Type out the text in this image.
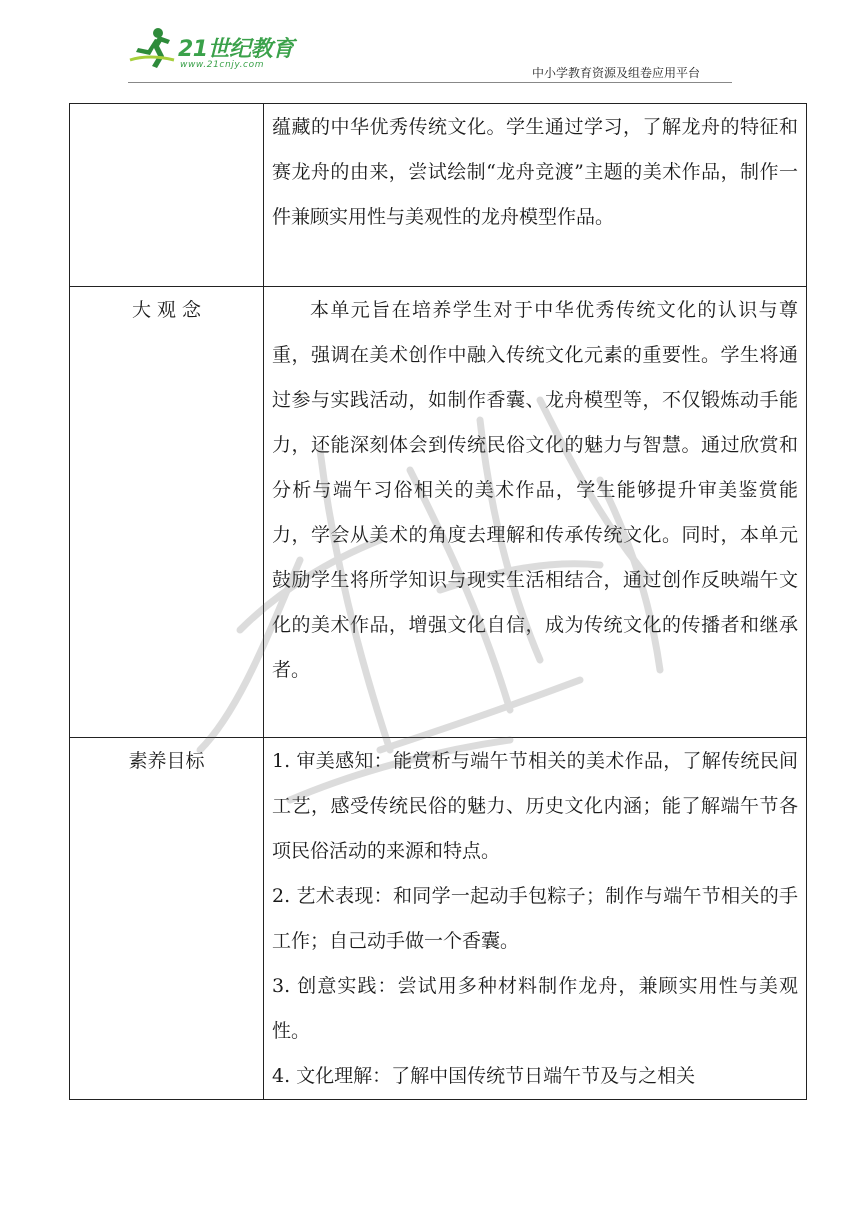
21世纪教育
www.21cnjy.com
中小学教育资源及组卷应用平台

	蕴藏的中华优秀传统文化。学生通过学习，了解龙舟的特征和赛龙舟的由来，尝试绘制“龙舟竞渡”主题的美术作品，制作一件兼顾实用性与美观性的龙舟模型作品。

大 观 念	本单元旨在培养学生对于中华优秀传统文化的认识与尊重，强调在美术创作中融入传统文化元素的重要性。学生将通过参与实践活动，如制作香囊、龙舟模型等，不仅锻炼动手能力，还能深刻体会到传统民俗文化的魅力与智慧。通过欣赏和分析与端午习俗相关的美术作品，学生能够提升审美鉴赏能力，学会从美术的角度去理解和传承传统文化。同时，本单元鼓励学生将所学知识与现实生活相结合，通过创作反映端午文化的美术作品，增强文化自信，成为传统文化的传播者和继承者。

素养目标	1. 审美感知：能赏析与端午节相关的美术作品，了解传统民间工艺，感受传统民俗的魅力、历史文化内涵；能了解端午节各项民俗活动的来源和特点。

2. 艺术表现：和同学一起动手包粽子；制作与端午节相关的手工作；自己动手做一个香囊。

3. 创意实践：尝试用多种材料制作龙舟，兼顾实用性与美观性。

4. 文化理解：了解中国传统节日端午节及与之相关
